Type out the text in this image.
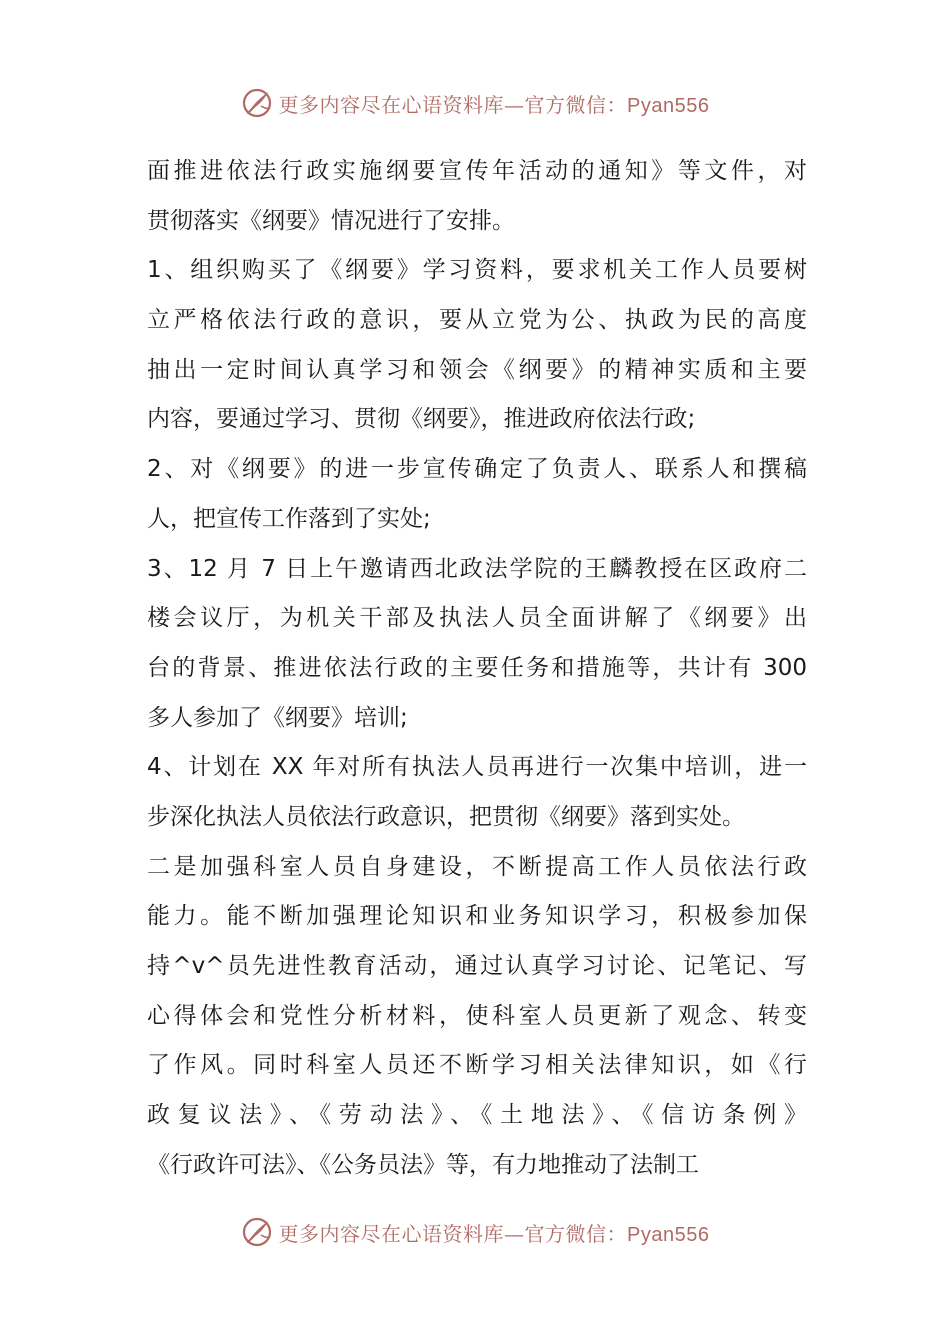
更多内容尽在心语资料库—官方微信：Pyan556
面推进依法行政实施纲要宣传年活动的通知》等文件，对
贯彻落实《纲要》情况进行了安排。
1、组织购买了《纲要》学习资料，要求机关工作人员要树
立严格依法行政的意识，要从立党为公、执政为民的高度
抽出一定时间认真学习和领会《纲要》的精神实质和主要
内容，要通过学习、贯彻《纲要》，推进政府依法行政;
2、对《纲要》的进一步宣传确定了负责人、联系人和撰稿
人，把宣传工作落到了实处;
3、12 月 7 日上午邀请西北政法学院的王麟教授在区政府二
楼会议厅，为机关干部及执法人员全面讲解了《纲要》出
台的背景、推进依法行政的主要任务和措施等，共计有 300
多人参加了《纲要》培训;
4、计划在 XX 年对所有执法人员再进行一次集中培训，进一
步深化执法人员依法行政意识，把贯彻《纲要》落到实处。
二是加强科室人员自身建设，不断提高工作人员依法行政
能力。能不断加强理论知识和业务知识学习，积极参加保
持^v^员先进性教育活动，通过认真学习讨论、记笔记、写
心得体会和党性分析材料，使科室人员更新了观念、转变
了作风。同时科室人员还不断学习相关法律知识，如《行
政复议法》、《劳动法》、《土地法》、《信访条例》
《行政许可法》、《公务员法》等，有力地推动了法制工
更多内容尽在心语资料库—官方微信：Pyan556
